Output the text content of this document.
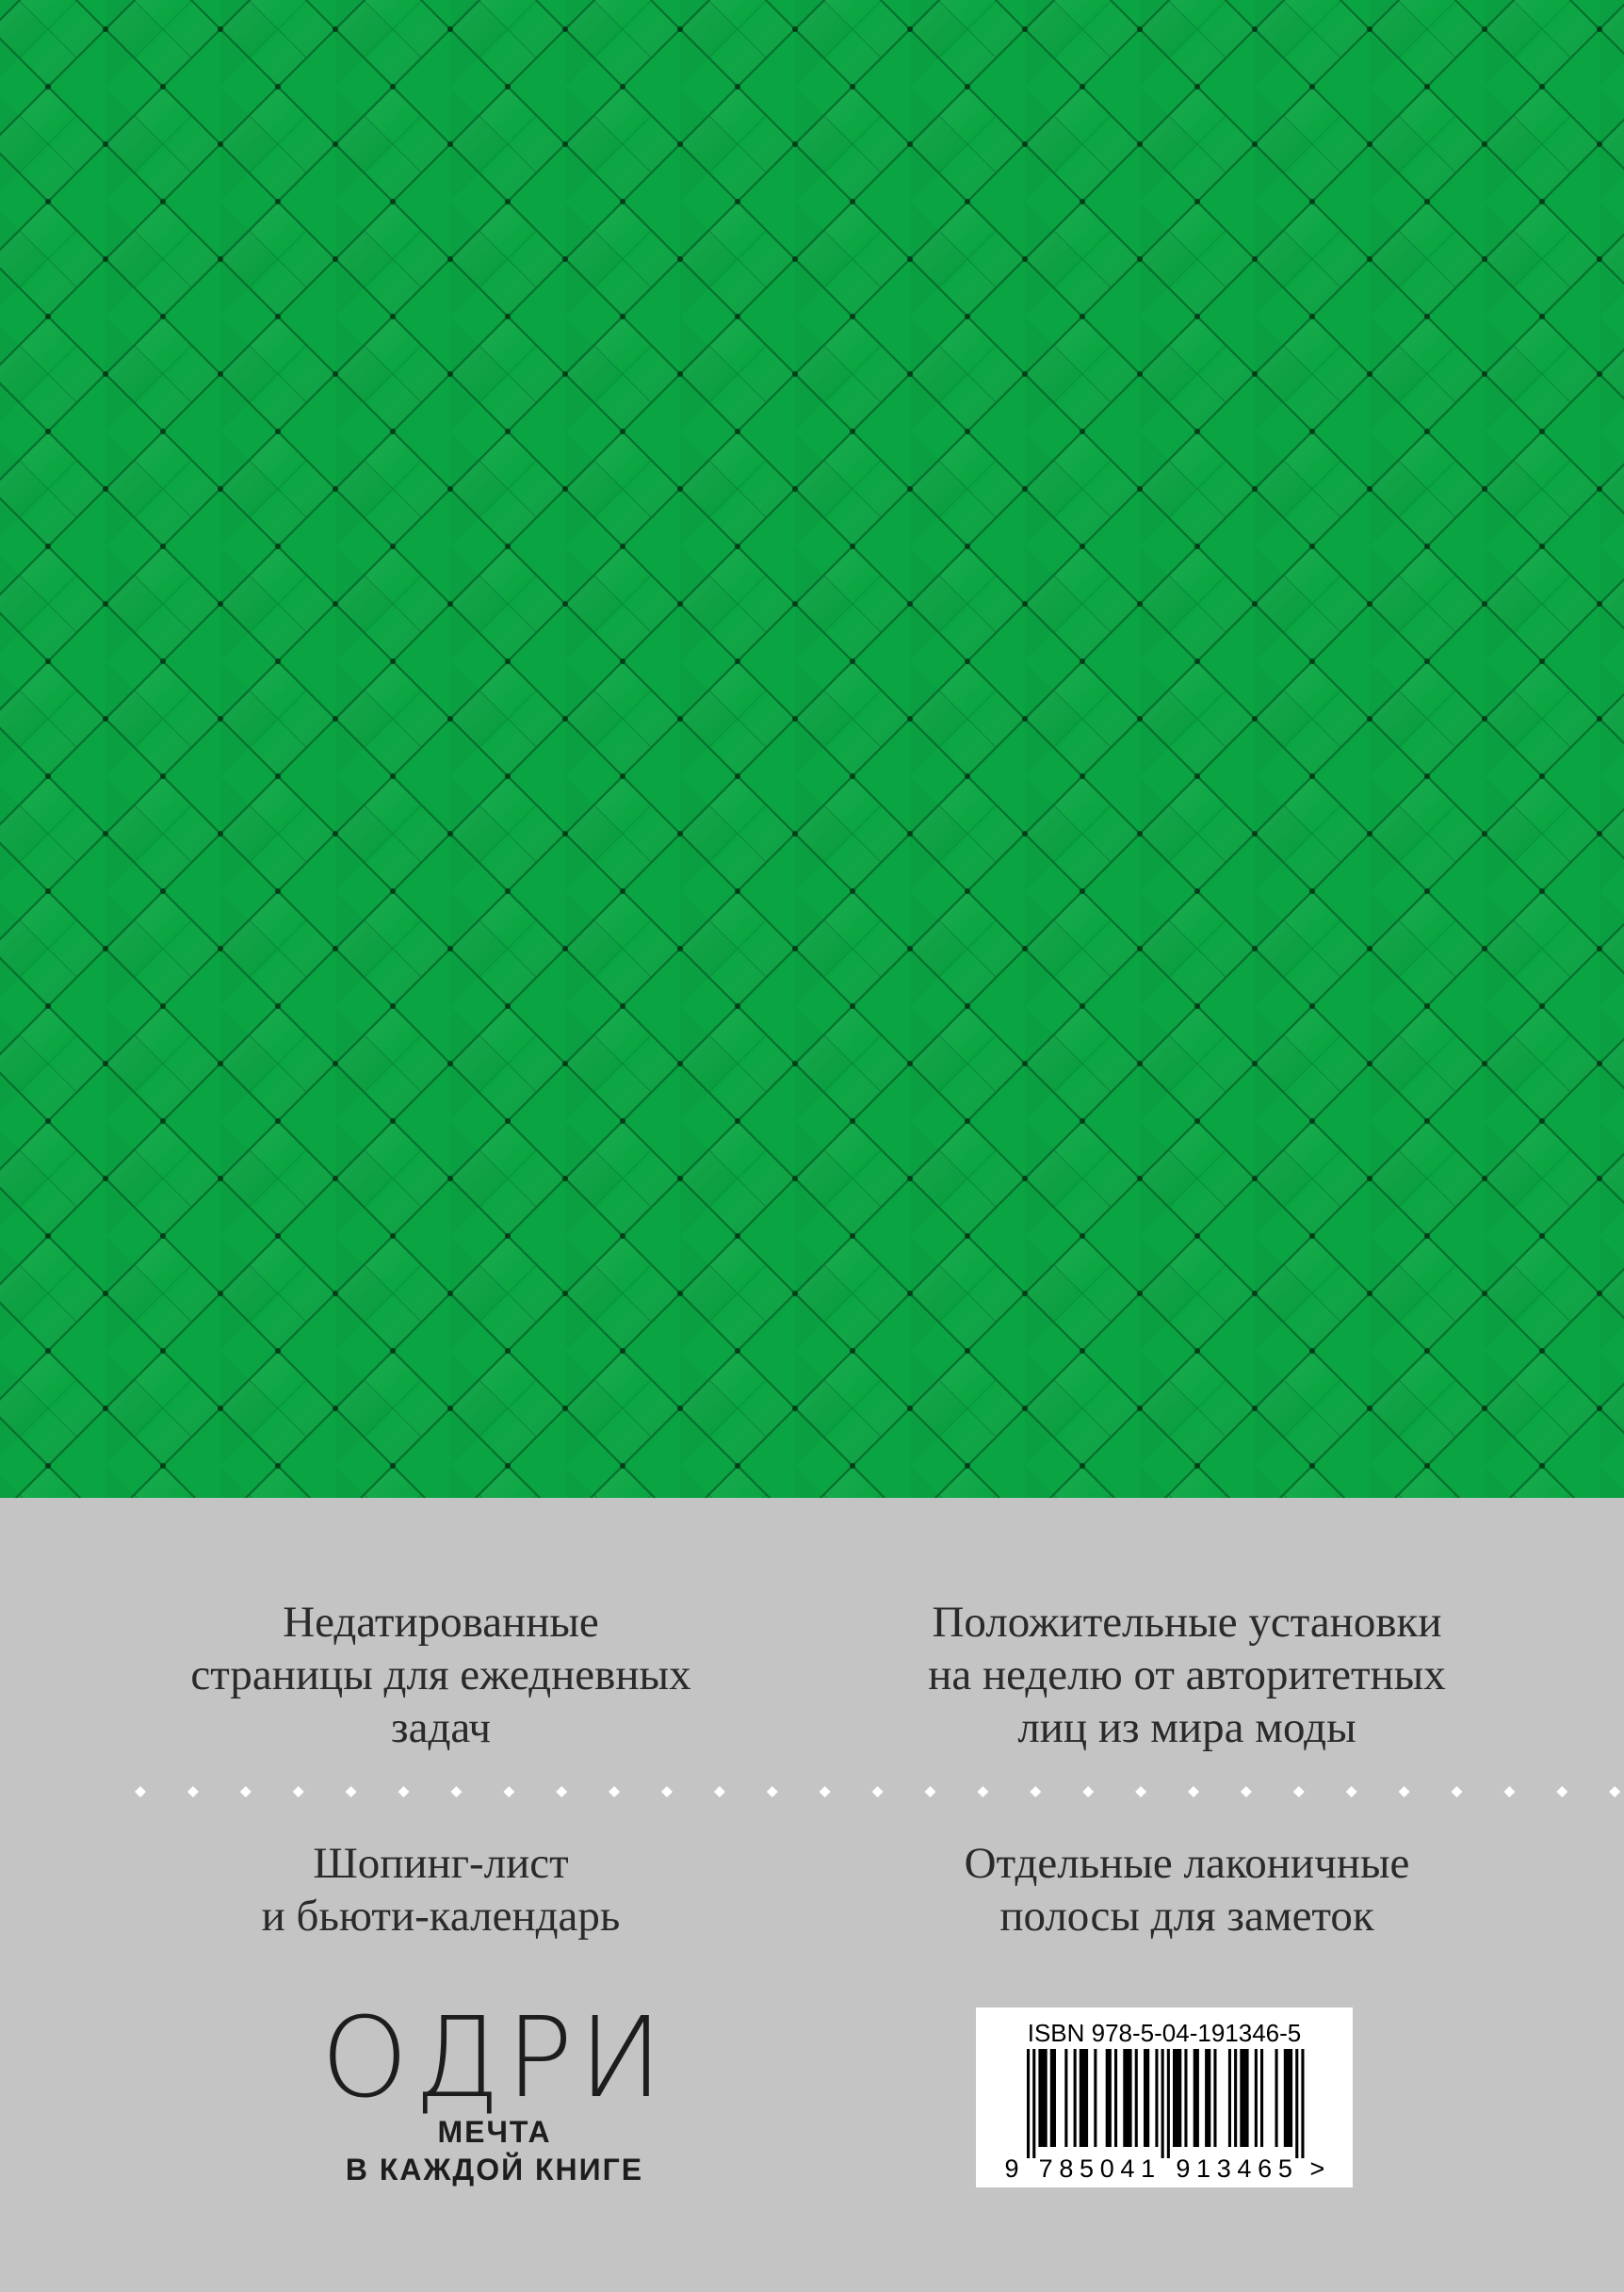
Недатированные
страницы для ежедневных
задач

Положительные установки
на неделю от авторитетных
лиц из мира моды

Шопинг-лист
и бьюти-календарь

Отдельные лаконичные
полосы для заметок

ОДРИ
МЕЧТА
В КАЖДОЙ КНИГЕ
ISBN 978-5-04-191346-5
9 7 8 5 0 4 1 9 1 3 4 6 5 >
